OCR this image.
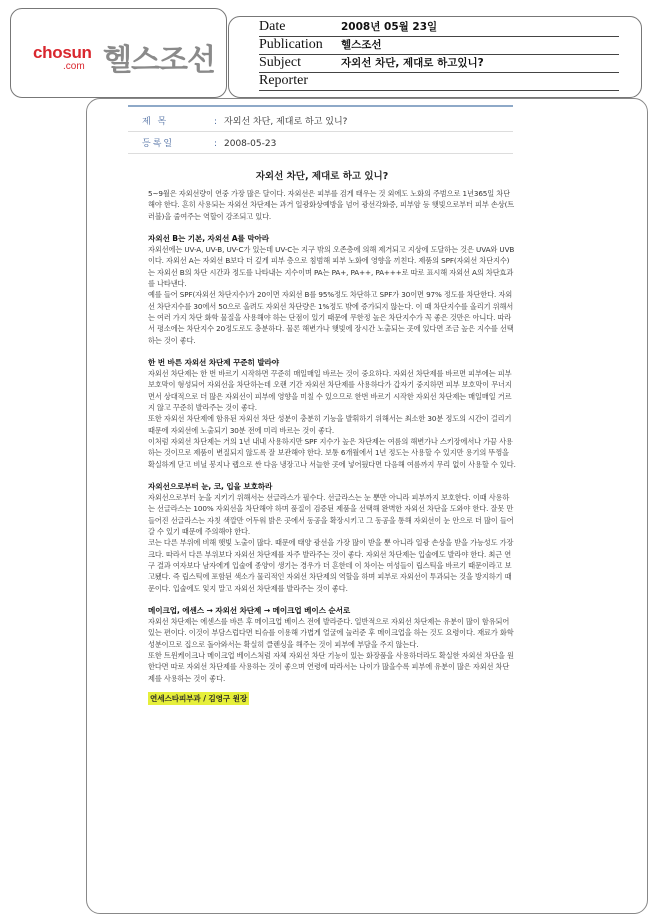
chosun
.com 헬스조선
Date	2008년 05월 23일
Publication 헬스조선
Subject	자외선 차단, 제대로 하고있니?
Reporter
제 목	: 자외선 차단, 제대로 하고 있니?
등록일	: 2008-05-23
자외선 차단, 제대로 하고 있니?

5~9월은 자외선량이 연중 가장 많은 달이다. 자외선은 피부를 검게 태우는 것 외에도 노화의 주범으로 1년365일 차단해야 한다. 흔히 사용되는 자외선 차단제는 과거 일광화상예방을 넘어 광선각화증, 피부암 등 햇빛으로부터 피부 손상(트러블)을 줄여주는 역할이 강조되고 있다.

자외선 B는 기본, 자외선 A를 막아라

자외선에는 UV-A, UV-B, UV-C가 있는데 UV-C는 지구 밖의 오존층에 의해 제거되고 지상에 도달하는 것은 UVA와 UVB이다. 자외선 A는 자외선 B보다 더 깊게 피부 층으로 침범해 피부 노화에 영향을 끼친다. 제품의 SPF(자외선 차단지수)는 자외선 B의 차단 시간과 정도를 나타내는 지수이며 PA는 PA+, PA++, PA+++로 따로 표시해 자외선 A의 차단효과를 나타낸다.

예를 들어 SPF(자외선 차단지수)가 20이면 자외선 B를 95%정도 차단하고 SPF가 30이면 97% 정도를 차단한다. 자외선 차단지수를 30에서 50으로 올려도 자외선 차단량은 1%정도 밖에 증가되지 않는다. 이 때 차단지수를 올리기 위해서는 여러 가지 차단 화학 물질을 사용해야 하는 단점이 있기 때문에 무한정 높은 차단지수가 꼭 좋은 것만은 아니다. 따라서 평소에는 차단지수 20정도로도 충분하다. 물론 해변가나 햇빛에 장시간 노출되는 곳에 있다면 조금 높은 지수를 선택하는 것이 좋다.

한 번 바른 자외선 차단제 꾸준히 발라야

자외선 차단제는 한 번 바르기 시작하면 꾸준히 매일매일 바르는 것이 중요하다. 자외선 차단제를 바르면 피부에는 피부 보호막이 형성되어 자외선을 차단하는데 오랜 기간 자외선 차단제를 사용하다가 갑자기 중지하면 피부 보호막이 무너지면서 상대적으로 더 많은 자외선이 피부에 영향을 미칠 수 있으므로 한번 바르기 시작한 자외선 차단제는 매일매일 거르지 않고 꾸준히 발라주는 것이 좋다.

또한 자외선 차단제에 함유된 자외선 차단 성분이 충분히 기능을 발휘하기 위해서는 최소한 30분 정도의 시간이 걸리기 때문에 자외선에 노출되기 30분 전에 미리 바르는 것이 좋다.

이처럼 자외선 차단제는 거의 1년 내내 사용하지만 SPF 지수가 높은 차단제는 여름의 해변가나 스키장에서나 가끔 사용하는 것이므로 제품이 변질되지 않도록 잘 보관해야 한다. 보통 6개월에서 1년 정도는 사용할 수 있지만 용기의 뚜껑을 확실하게 닫고 비닐 봉지나 랩으로 싼 다음 냉장고나 서늘한 곳에 넣어뒀다면 다음해 여름까지 무리 없이 사용할 수 있다.

자외선으로부터 눈, 코, 입을 보호하라

자외선으로부터 눈을 지키기 위해서는 선글라스가 필수다. 선글라스는 눈 뿐만 아니라 피부까지 보호한다. 이때 사용하는 선글라스는 100% 자외선을 차단해야 하며 품질이 검증된 제품을 선택해 완벽한 자외선 차단을 도와야 한다. 잘못 만들어진 선글라스는 자칫 색깔만 어두워 밝은 곳에서 동공을 확장시키고 그 동공을 통해 자외선이 눈 안으로 더 많이 들어갈 수 있기 때문에 주의해야 한다.

코는 다른 부위에 비해 햇빛 노출이 많다. 때문에 태양 광선을 가장 많이 받을 뿐 아니라 일광 손상을 받을 가능성도 가장 크다. 따라서 다른 부위보다 자외선 차단제를 자주 발라주는 것이 좋다. 자외선 차단제는 입술에도 발라야 한다. 최근 연구 결과 여자보다 남자에게 입술에 종양이 생기는 경우가 더 흔한데 이 차이는 여성들이 립스틱을 바르기 때문이라고 보고됐다. 즉 립스틱에 포함된 색소가 물리적인 자외선 차단제의 역할을 하며 피부로 자외선이 투과되는 것을 방지하기 때문이다. 입술에도 잊지 말고 자외선 차단제를 발라주는 것이 좋다.

메이크업, 에센스 → 자외선 차단제 → 메이크업 베이스 순서로

자외선 차단제는 에센스를 바른 후 메이크업 베이스 전에 발라준다. 일반적으로 자외선 차단제는 유분이 많이 함유되어 있는 편이다. 이것이 부담스럽다면 티슈를 이용해 가볍게 얼굴에 눌러준 후 메이크업을 하는 것도 요령이다. 재료가 화학 성분이므로 집으로 돌아와서는 확실히 클렌싱을 해주는 것이 피부에 부담을 주지 않는다.

또한 트윈케이크나 메이크업 베이스처럼 자체 자외선 차단 기능이 있는 화장품을 사용하더라도 확실한 자외선 차단을 원한다면 따로 자외선 차단제를 사용하는 것이 좋으며 연령에 따라서는 나이가 많을수록 피부에 유분이 많은 자외선 차단제를 사용하는 것이 좋다.

연세스타피부과 / 김영구 원장
